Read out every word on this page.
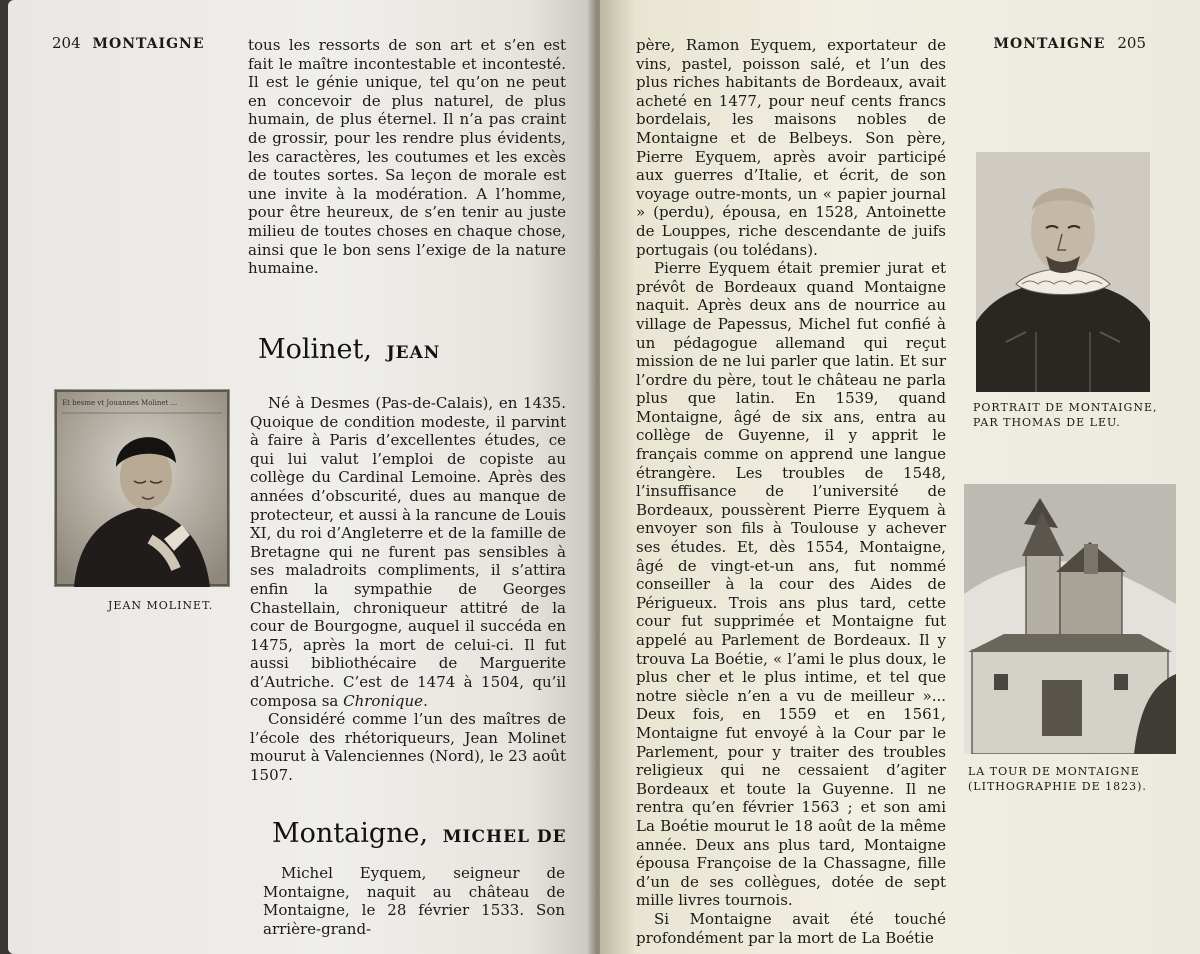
204 MONTAIGNE	tous les ressorts de son art et s’en est fait le maître incontestable et incontesté. Il est le génie unique, tel qu’on ne peut en concevoir de plus naturel, de plus humain, de plus éternel. Il n’a pas craint de grossir, pour les rendre plus évidents, les caractères, les coutumes et les excès de toutes sortes. Sa leçon de morale est une invite à la modération. A l’homme, pour être heureux, de s’en tenir au juste milieu de toutes choses en chaque chose, ainsi que le bon sens l’exige de la nature humaine.

Molinet, JEAN
Et besme vt Jouannes Molinet ...
JEAN MOLINET.

Né à Desmes (Pas-de-Calais), en 1435. Quoique de condition modeste, il parvint à faire à Paris d’excellentes études, ce qui lui valut l’emploi de copiste au collège du Cardinal Lemoine. Après des années d’obscurité, dues au manque de protecteur, et aussi à la rancune de Louis XI, du roi d’Angleterre et de la famille de Bretagne qui ne furent pas sensibles à ses maladroits compliments, il s’attira enfin la sympathie de Georges Chastellain, chroniqueur attitré de la cour de Bourgogne, auquel il succéda en 1475, après la mort de celui-ci. Il fut aussi bibliothécaire de Marguerite d’Autriche. C’est de 1474 à 1504, qu’il composa sa Chronique.

Considéré comme l’un des maîtres de l’école des rhétoriqueurs, Jean Molinet mourut à Valenciennes (Nord), le 23 août 1507.

Montaigne, MICHEL DE

Michel Eyquem, seigneur de Montaigne, naquit au château de Montaigne, le 28 février 1533. Son arrière-grand-

MONTAIGNE 205

père, Ramon Eyquem, exportateur de vins, pastel, poisson salé, et l’un des plus riches habitants de Bordeaux, avait acheté en 1477, pour neuf cents francs bordelais, les maisons nobles de Montaigne et de Belbeys. Son père, Pierre Eyquem, après avoir participé aux guerres d’Italie, et écrit, de son voyage outre-monts, un « papier journal » (perdu), épousa, en 1528, Antoinette de Louppes, riche descendante de juifs portugais (ou tolédans).

Pierre Eyquem était premier jurat et prévôt de Bordeaux quand Montaigne naquit. Après deux ans de nourrice au village de Papessus, Michel fut confié à un pédagogue allemand qui reçut mission de ne lui parler que latin. Et sur l’ordre du père, tout le château ne parla plus que latin. En 1539, quand Montaigne, âgé de six ans, entra au collège de Guyenne, il y apprit le français comme on apprend une langue étrangère. Les troubles de 1548, l’insuffisance de l’université de Bordeaux, poussèrent Pierre Eyquem à envoyer son fils à Toulouse y achever ses études. Et, dès 1554, Montaigne, âgé de vingt-et-un ans, fut nommé conseiller à la cour des Aides de Périgueux. Trois ans plus tard, cette cour fut supprimée et Montaigne fut appelé au Parlement de Bordeaux. Il y trouva La Boétie, « l’ami le plus doux, le plus cher et le plus intime, et tel que notre siècle n’en a vu de meilleur »... Deux fois, en 1559 et en 1561, Montaigne fut envoyé à la Cour par le Parlement, pour y traiter des troubles religieux qui ne cessaient d’agiter Bordeaux et toute la Guyenne. Il ne rentra qu’en février 1563 ; et son ami La Boétie mourut le 18 août de la même année. Deux ans plus tard, Montaigne épousa Françoise de la Chassagne, fille d’un de ses collègues, dotée de sept mille livres tournois.

Si Montaigne avait été touché profondément par la mort de La Boétie

PORTRAIT DE MONTAIGNE, PAR THOMAS DE LEU.
LA TOUR DE MONTAIGNE (LITHOGRAPHIE DE 1823).
